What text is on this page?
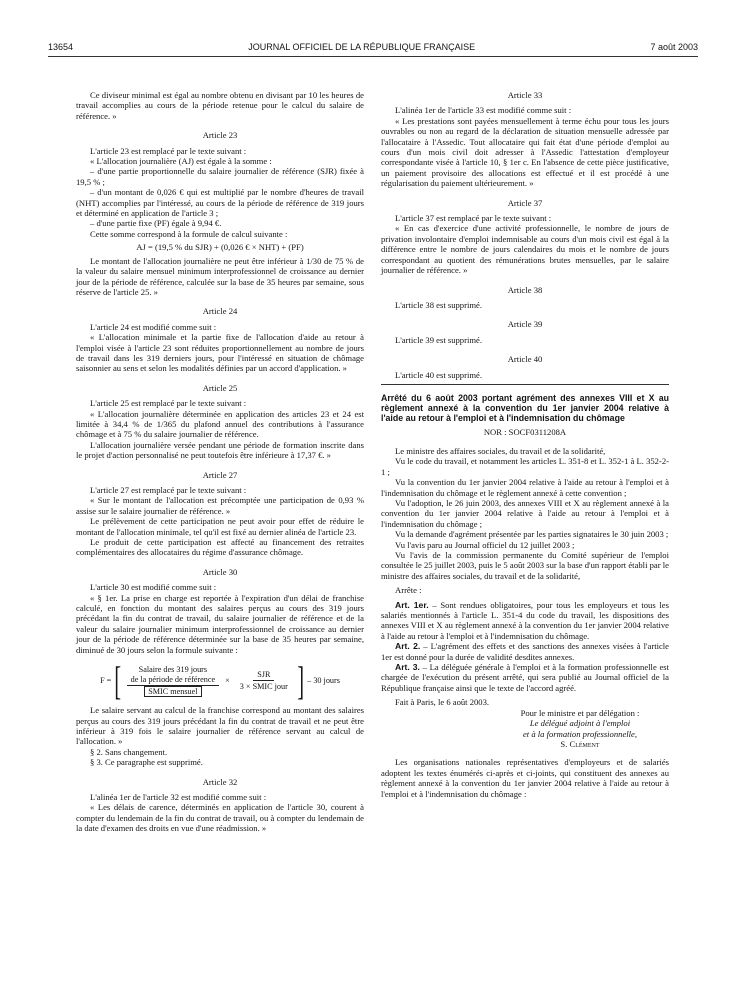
13654	JOURNAL OFFICIEL DE LA RÉPUBLIQUE FRANÇAISE	7 août 2003

Ce diviseur minimal est égal au nombre obtenu en divisant par 10 les heures de travail accomplies au cours de la période retenue pour le calcul du salaire de référence. »

Article 23

L'article 23 est remplacé par le texte suivant :

« L'allocation journalière (AJ) est égale à la somme :

– d'une partie proportionnelle du salaire journalier de référence (SJR) fixée à 19,5 % ;

– d'un montant de 0,026 € qui est multiplié par le nombre d'heures de travail (NHT) accomplies par l'intéressé, au cours de la période de référence de 319 jours et déterminé en application de l'article 3 ;

– d'une partie fixe (PF) égale à 9,94 €.

Cette somme correspond à la formule de calcul suivante :

AJ = (19,5 % du SJR) + (0,026 € × NHT) + (PF)

Le montant de l'allocation journalière ne peut être inférieur à 1/30 de 75 % de la valeur du salaire mensuel minimum interprofessionnel de croissance au dernier jour de la période de référence, calculée sur la base de 35 heures par semaine, sous réserve de l'article 25. »

Article 24

L'article 24 est modifié comme suit :

« L'allocation minimale et la partie fixe de l'allocation d'aide au retour à l'emploi visée à l'article 23 sont réduites proportionnellement au nombre de jours de travail dans les 319 derniers jours, pour l'intéressé en situation de chômage saisonnier au sens et selon les modalités définies par un accord d'application. »

Article 25

L'article 25 est remplacé par le texte suivant :

« L'allocation journalière déterminée en application des articles 23 et 24 est limitée à 34,4 % de 1/365 du plafond annuel des contributions à l'assurance chômage et à 75 % du salaire journalier de référence.

L'allocation journalière versée pendant une période de formation inscrite dans le projet d'action personnalisé ne peut toutefois être inférieure à 17,37 €. »

Article 27

L'article 27 est remplacé par le texte suivant :

« Sur le montant de l'allocation est précomptée une participation de 0,93 % assise sur le salaire journalier de référence. »

Le prélèvement de cette participation ne peut avoir pour effet de réduire le montant de l'allocation minimale, tel qu'il est fixé au dernier alinéa de l'article 23.

Le produit de cette participation est affecté au financement des retraites complémentaires des allocataires du régime d'assurance chômage.

Article 30

L'article 30 est modifié comme suit :

« § 1er. La prise en charge est reportée à l'expiration d'un délai de franchise calculé, en fonction du montant des salaires perçus au cours des 319 jours précédant la fin du contrat de travail, du salaire journalier de référence et de la valeur du salaire journalier minimum interprofessionnel de croissance au dernier jour de la période de référence déterminée sur la base de 35 heures par semaine, diminué de 30 jours selon la formule suivante :

F = [	Salaire des 319 jours
de la période de référence
SMIC mensuel
× $\frac{\text{SJR}}{\text{3 × SMIC jour}}$ ] – 30 jours

Le salaire servant au calcul de la franchise correspond au montant des salaires perçus au cours des 319 jours précédant la fin du contrat de travail et ne peut être inférieur à 319 fois le salaire journalier de référence servant au calcul de l'allocation. »

§ 2. Sans changement.

§ 3. Ce paragraphe est supprimé.

Article 32

L'alinéa 1er de l'article 32 est modifié comme suit :

« Les délais de carence, déterminés en application de l'article 30, courent à compter du lendemain de la fin du contrat de travail, ou à compter du lendemain de la date d'examen des droits en vue d'une réadmission. »

Article 33

L'alinéa 1er de l'article 33 est modifié comme suit :

« Les prestations sont payées mensuellement à terme échu pour tous les jours ouvrables ou non au regard de la déclaration de situation mensuelle adressée par l'allocataire à l'Assedic. Tout allocataire qui fait état d'une période d'emploi au cours d'un mois civil doit adresser à l'Assedic l'attestation d'employeur correspondante visée à l'article 10, § 1er c. En l'absence de cette pièce justificative, un paiement provisoire des allocations est effectué et il est procédé à une régularisation du paiement ultérieurement. »

Article 37

L'article 37 est remplacé par le texte suivant :

« En cas d'exercice d'une activité professionnelle, le nombre de jours de privation involontaire d'emploi indemnisable au cours d'un mois civil est égal à la différence entre le nombre de jours calendaires du mois et le nombre de jours correspondant au quotient des rémunérations brutes mensuelles, par le salaire journalier de référence. »

Article 38

L'article 38 est supprimé.

Article 39

L'article 39 est supprimé.

Article 40

L'article 40 est supprimé.

Arrêté du 6 août 2003 portant agrément des annexes VIII et X au règlement annexé à la convention du 1er janvier 2004 relative à l'aide au retour à l'emploi et à l'indemnisation du chômage
NOR : SOCF0311208A

Le ministre des affaires sociales, du travail et de la solidarité,

Vu le code du travail, et notamment les articles L. 351-8 et L. 352-1 à L. 352-2-1 ;

Vu la convention du 1er janvier 2004 relative à l'aide au retour à l'emploi et à l'indemnisation du chômage et le règlement annexé à cette convention ;

Vu l'adoption, le 26 juin 2003, des annexes VIII et X au règlement annexé à la convention du 1er janvier 2004 relative à l'aide au retour à l'emploi et à l'indemnisation du chômage ;

Vu la demande d'agrément présentée par les parties signataires le 30 juin 2003 ;

Vu l'avis paru au Journal officiel du 12 juillet 2003 ;

Vu l'avis de la commission permanente du Comité supérieur de l'emploi consultée le 25 juillet 2003, puis le 5 août 2003 sur la base d'un rapport établi par le ministre des affaires sociales, du travail et de la solidarité,

Arrête :

Art. 1er. – Sont rendues obligatoires, pour tous les employeurs et tous les salariés mentionnés à l'article L. 351-4 du code du travail, les dispositions des annexes VIII et X au règlement annexé à la convention du 1er janvier 2004 relative à l'aide au retour à l'emploi et à l'indemnisation du chômage.

Art. 2. – L'agrément des effets et des sanctions des annexes visées à l'article 1er est donné pour la durée de validité desdites annexes.

Art. 3. – La déléguée générale à l'emploi et à la formation professionnelle est chargée de l'exécution du présent arrêté, qui sera publié au Journal officiel de la République française ainsi que le texte de l'accord agréé.

Fait à Paris, le 6 août 2003.

Pour le ministre et par délégation :
Le délégué adjoint à l'emploi
et à la formation professionnelle,
S. Clément

Les organisations nationales représentatives d'employeurs et de salariés adoptent les textes énumérés ci-après et ci-joints, qui constituent des annexes au règlement annexé à la convention du 1er janvier 2004 relative à l'aide au retour à l'emploi et à l'indemnisation du chômage :
